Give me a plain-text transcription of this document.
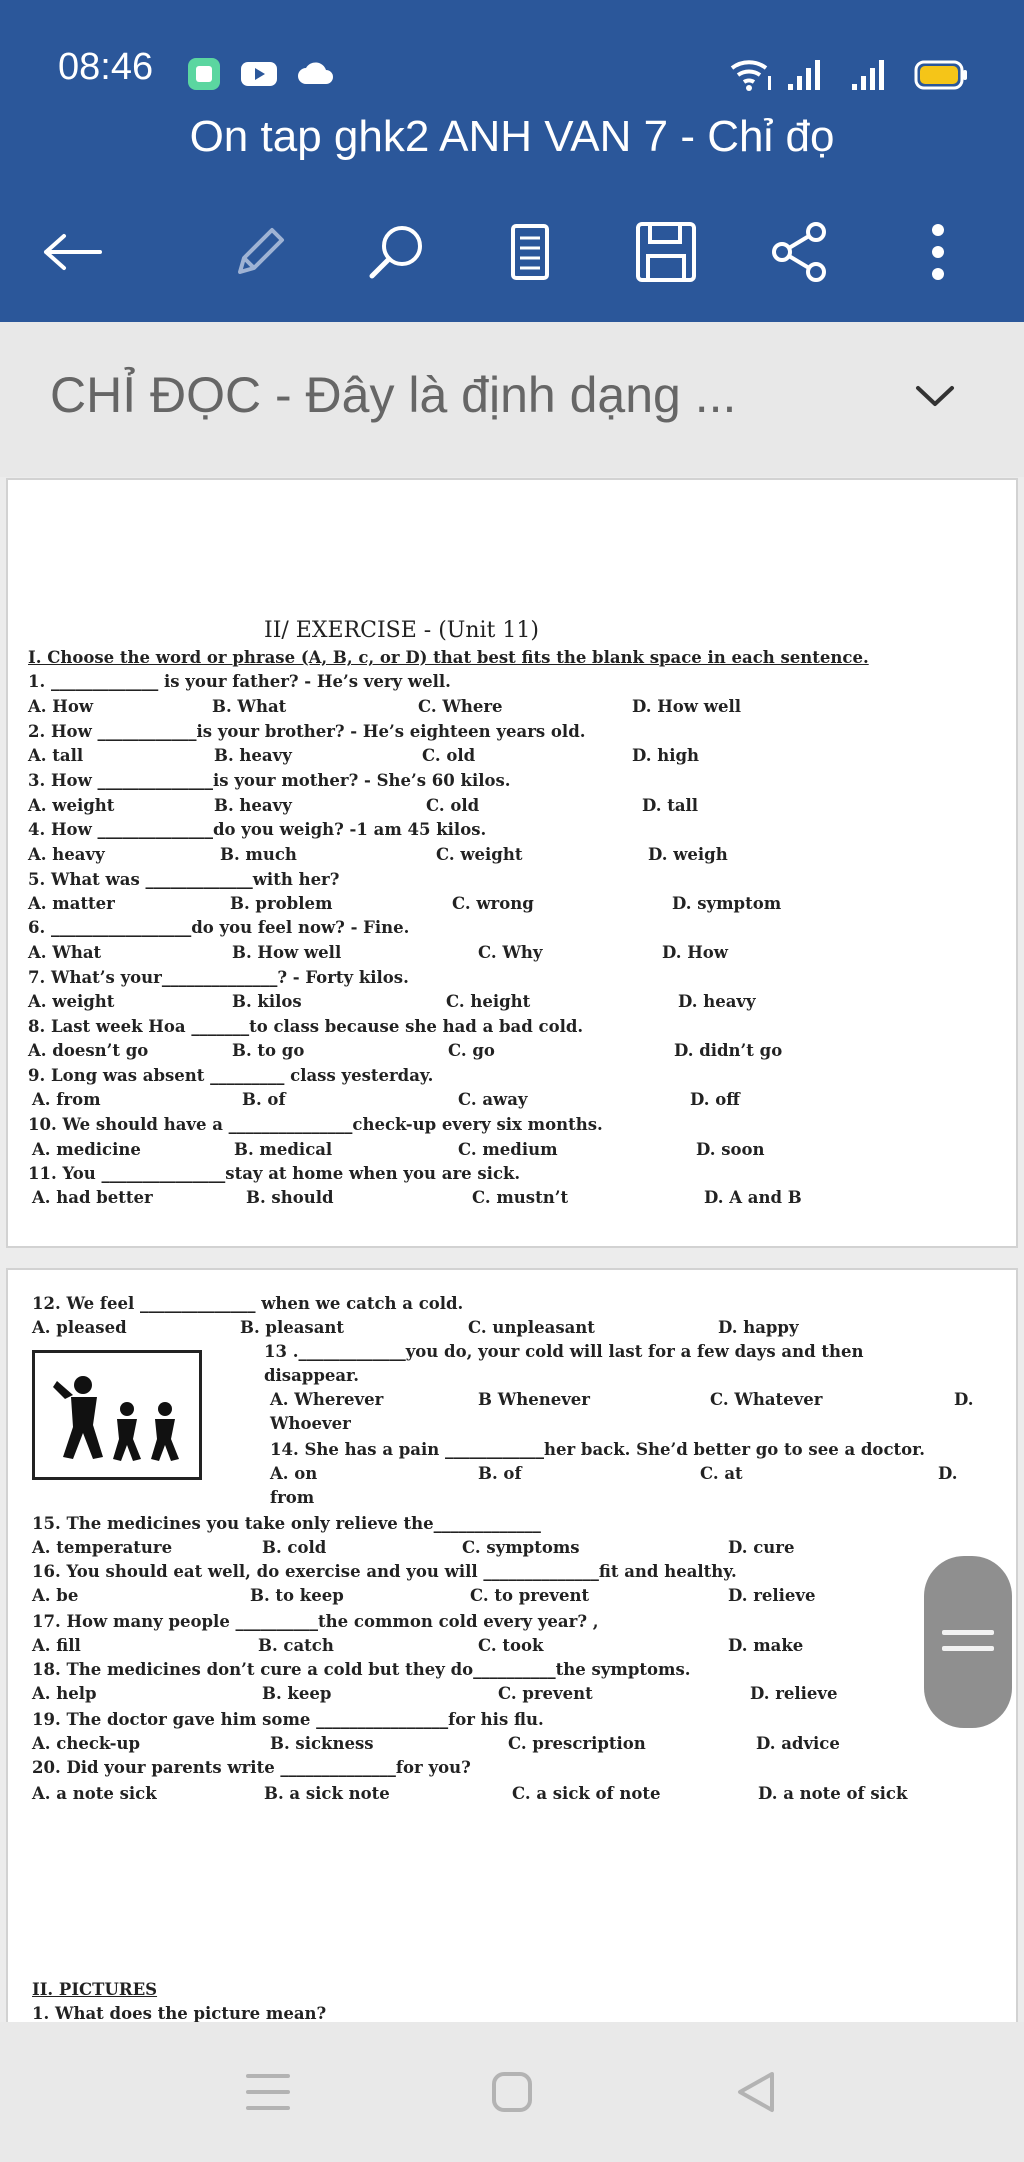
08:46
On tap ghk2 ANH VAN 7 - Chỉ đọ
CHỈ ĐỌC - Đây là định dạng ...
II/ EXERCISE - (Unit 11)
I. Choose the word or phrase (A, B, c, or D) that best fits the blank space in each sentence.
1. _____________ is your father? - He’s very well.
A. How	B. What	C. Where	D. How well
2. How ____________is your brother? - He’s eighteen years old.
A. tall	B. heavy	C. old	D. high
3. How ______________is your mother? - She’s 60 kilos.
A. weight	B. heavy	C. old	D. tall
4. How ______________do you weigh? -1 am 45 kilos.
A. heavy	B. much	C. weight	D. weigh
5. What was _____________with her?
A. matter	B. problem	C. wrong	D. symptom
6. _________________do you feel now? - Fine.
A. What	B. How well	C. Why	D. How
7. What’s your______________? - Forty kilos.
A. weight	B. kilos	C. height	D. heavy
8. Last week Hoa _______to class because she had a bad cold.
A. doesn’t go	B. to go	C. go	D. didn’t go
9. Long was absent _________ class yesterday.
A. from	B. of	C. away	D. off
10. We should have a _______________check-up every six months.
A. medicine	B. medical	C. medium	D. soon
11. You _______________stay at home when you are sick.
A. had better	B. should	C. mustn’t	D. A and B
12. We feel ______________ when we catch a cold.
A. pleased	B. pleasant	C. unpleasant	D. happy
13 ._____________you do, your cold will last for a few days and then
disappear.
A. Wherever	B Whenever	C. Whatever	D.
Whoever
14. She has a pain ____________her back. She’d better go to see a doctor.
A. on	B. of	C. at	D.
from
15. The medicines you take only relieve the_____________
A. temperature	B. cold	C. symptoms	D. cure
16. You should eat well, do exercise and you will ______________fit and healthy.
A. be	B. to keep	C. to prevent	D. relieve
17. How many people __________the common cold every year? ,
A. fill	B. catch	C. took	D. make
18. The medicines don’t cure a cold but they do__________the symptoms.
A. help	B. keep	C. prevent	D. relieve
19. The doctor gave him some ________________for his flu.
A. check-up	B. sickness	C. prescription	D. advice
20. Did your parents write ______________for you?
A. a note sick	B. a sick note	C. a sick of note	D. a note of sick
II. PICTURES
1. What does the picture mean?
